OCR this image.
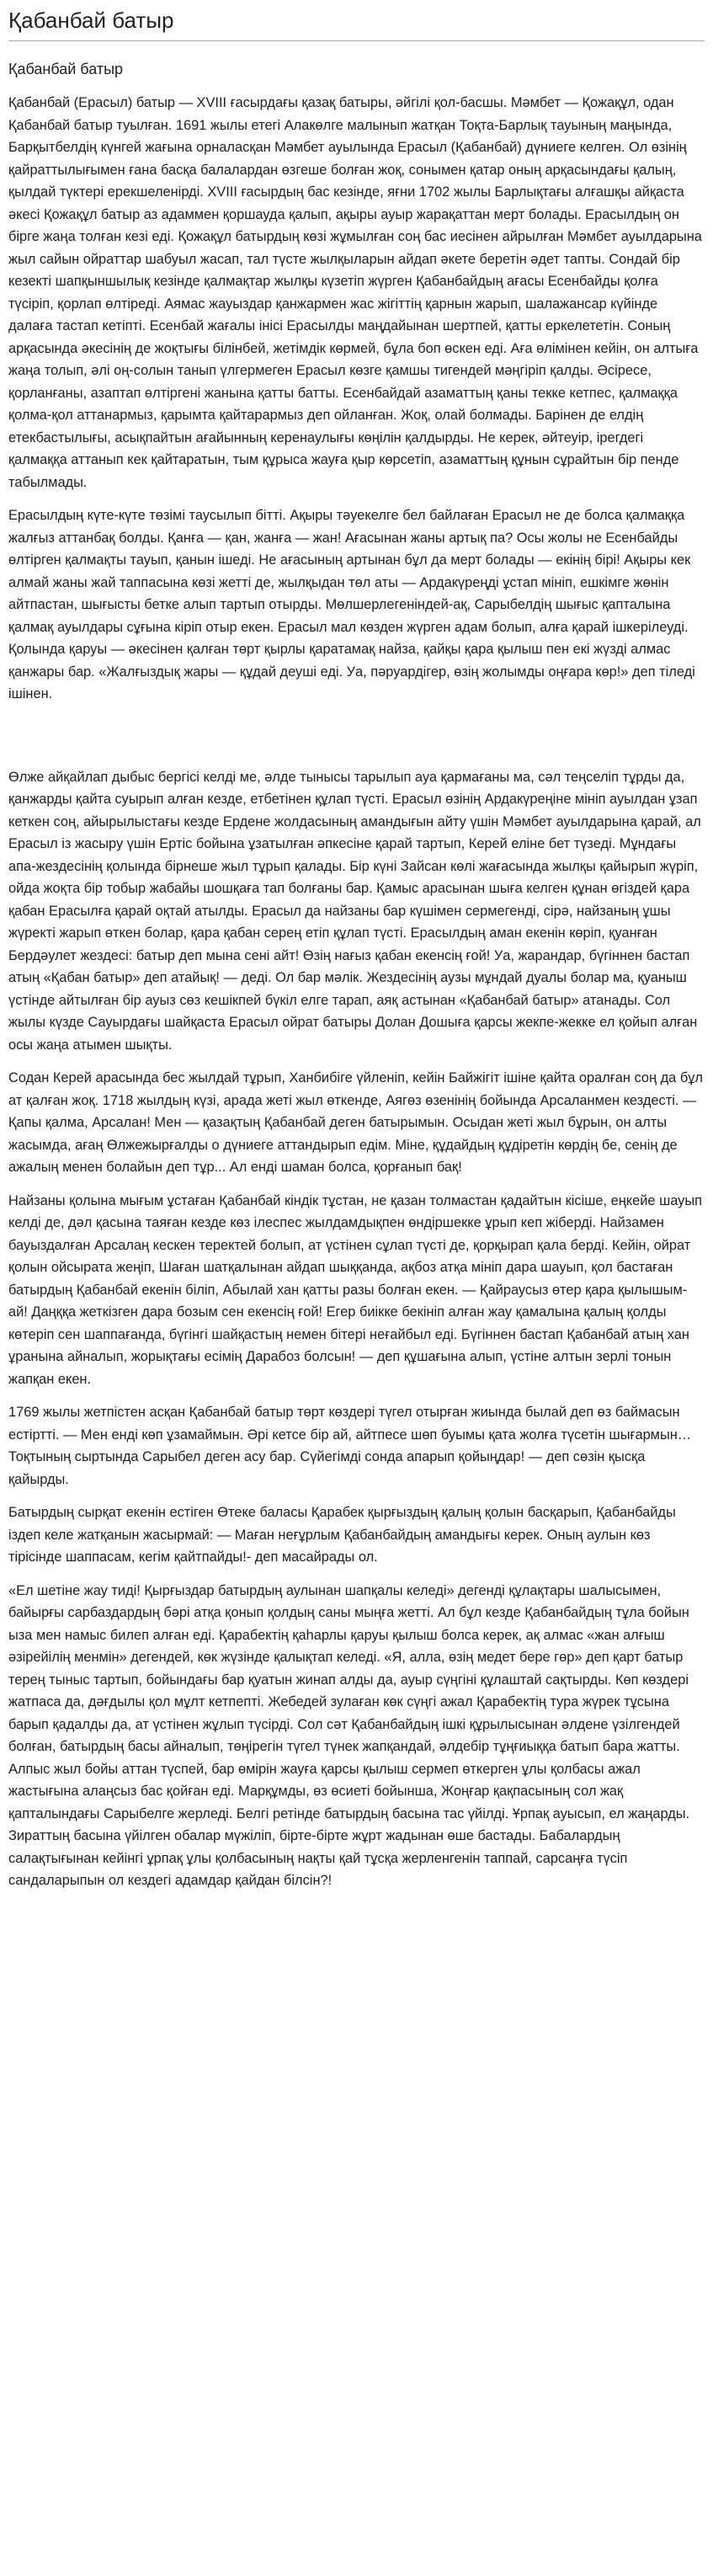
Қабанбай батыр
Қабанбай батыр

Қабанбай (Ерасыл) батыр — XVIII ғасырдағы қазақ батыры, әйгілі қол-басшы. Мәмбет — Қожақұл, одан Қабанбай батыр туылған. 1691 жылы етегі Алакөлге малынып жатқан Тоқта-Барлық тауының маңында, Барқытбелдің күнгей жағына орналасқан Мәмбет ауылында Ерасыл (Қабанбай) дүниеге келген. Ол өзінің қайраттылығымен ғана басқа балалардан өзгеше болған жоқ, сонымен қатар оның арқасындағы қалың, қылдай түктері ерекшеленірді. XVIII ғасырдың бас кезінде, яғни 1702 жылы Барлықтағы алғашқы айқаста әкесі Қожақұл батыр аз адаммен қоршауда қалып, ақыры ауыр жарақаттан мерт болады. Ерасылдың он бірге жаңа толған кезі еді. Қожақұл батырдың көзі жұмылған соң бас иесінен айрылған Мәмбет ауылдарына жыл сайын ойраттар шабуыл жасап, тал түсте жылқыларын айдап әкете беретін әдет тапты. Сондай бір кезекті шапқыншылық кезінде қалмақтар жылқы күзетіп жүрген Қабанбайдың ағасы Есенбайды қолға түсіріп, қорлап өлтіреді. Аямас жауыздар қанжармен жас жігіттің қарнын жарып, шалажансар күйінде далаға тастап кетіпті. Есенбай жағалы інісі Ерасылды маңдайынан шертпей, қатты еркелететін. Соның арқасында әкесінің де жоқтығы білінбей, жетімдік көрмей, бұла боп өскен еді. Аға өлімінен кейін, он алтыға жаңа толып, әлі оң-солын танып үлгермеген Ерасыл көзге қамшы тигендей мәңгіріп қалды. Әсіресе, қорланғаны, азаптап өлтіргені жанына қатты батты. Есенбайдай азаматтың қаны текке кетпес, қалмаққа қолма-қол аттанармыз, қарымта қайтарармыз деп ойланған. Жоқ, олай болмады. Барінен де елдің етекбастылығы, асықпайтын ағайынның керенаулығы көңілін қалдырды. Не керек, әйтеуір, ірегдегі қалмаққа аттанып кек қайтаратын, тым құрыса жауға қыр көрсетіп, азаматтың құнын сұрайтын бір пенде табылмады.

Ерасылдың күте-күте төзімі таусылып бітті. Ақыры тәуекелге бел байлаған Ерасыл не де болса қалмаққа жалғыз аттанбақ болды. Қанға — қан, жанға — жан! Ағасынан жаны артық па? Осы жолы не Есенбайды өлтірген қалмақты тауып, қанын ішеді. Не ағасының артынан бұл да мерт болады — екінің бірі! Ақыры кек алмай жаны жай таппасына көзі жетті де, жылқыдан төл аты — Ардакүреңді ұстап мініп, ешкімге жөнін айтпастан, шығысты бетке алып тартып отырды. Мөлшерлегеніндей-ақ, Сарыбелдің шығыс қапталына қалмақ ауылдары сұғына кіріп отыр екен. Ерасыл мал көзден жүрген адам болып, алға қарай ішкерілеуді. Қолында қаруы — әкесінен қалған төрт қырлы қаратамақ найза, қайқы қара қылыш пен екі жүзді алмас қанжары бар. «Жалғыздық жары — құдай деуші еді. Уа, пәруардігер, өзің жолымды оңғара көр!» деп тіледі ішінен.

Өлже айқайлап дыбыс бергісі келді ме, әлде тынысы тарылып ауа қармағаны ма, сәл теңселіп тұрды да, қанжарды қайта суырып алған кезде, етбетінен құлап түсті. Ерасыл өзінің Ардакүреңіне мініп ауылдан ұзап кеткен соң, айырылыстағы кезде Ердене жолдасының амандығын айту үшін Мәмбет ауылдарына қарай, ал Ерасыл із жасыру үшін Ертіс бойына ұзатылған әпкесіне қарай тартып, Керей еліне бет түзеді. Мұндағы апа-жездесінің қолында бірнеше жыл тұрып қалады. Бір күні Зайсан көлі жағасында жылқы қайырып жүріп, ойда жоқта бір тобыр жабайы шошқаға тап болғаны бар. Қамыс арасынан шыға келген құнан өгіздей қара қабан Ерасылға қарай оқтай атылды. Ерасыл да найзаны бар күшімен сермегенді, сірә, найзаның ұшы жүректі жарып өткен болар, қара қабан серең етіп құлап түсті. Ерасылдың аман екенін көріп, қуанған Бердәулет жездесі: батыр деп мына сені айт! Өзің нағыз қабан екенсің ғой! Уа, жарандар, бүгіннен бастап атың «Қабан батыр» деп атайық! — деді. Ол бар мәлік. Жездесінің аузы мұндай дуалы болар ма, қуаныш үстінде айтылған бір ауыз сөз кешікпей бүкіл елге тарап, аяқ астынан «Қабанбай батыр» атанады. Сол жылы күзде Сауырдағы шайқаста Ерасыл ойрат батыры Долан Дошыға қарсы жекпе-жекке ел қойып алған осы жаңа атымен шықты.

Содан Керей арасында бес жылдай тұрып, Ханбибіге үйленіп, кейін Байжігіт ішіне қайта оралған соң да бұл ат қалған жоқ. 1718 жылдың күзі, арада жеті жыл өткенде, Аягөз өзенінің бойында Арсаланмен кездесті. — Қапы қалма, Арсалан! Мен — қазақтың Қабанбай деген батырымын. Осыдан жеті жыл бұрын, он алты жасымда, ағаң Өлжежырғалды о дүниеге аттандырып едім. Міне, құдайдың құдіретін көрдің бе, сенің де ажалың менен болайын деп тұр... Ал енді шаман болса, қорғанып бақ!

Найзаны қолына мығым ұстаған Қабанбай кіндік тұстан, не қазан толмастан қадайтын кісіше, еңкейе шауып келді де, дәл қасына таяған кезде көз ілеспес жылдамдықпен өндіршекке ұрып кеп жіберді. Найзамен бауыздалған Арсалаң кескен теректей болып, ат үстінен сұлап түсті де, қорқырап қала берді. Кейін, ойрат қолын ойсырата жеңіп, Шаған шатқалынан айдап шыққанда, ақбоз атқа мініп дара шауып, қол бастаған батырдың Қабанбай екенін біліп, Абылай хан қатты разы болған екен. — Қайраусыз өтер қара қылышым-ай! Даңққа жеткізген дара бозым сен екенсің ғой! Егер биікке бекініп алған жау қамалына қалың қолды көтеріп сен шаппағанда, бүгінгі шайқастың немен бітері неғайбыл еді. Бүгіннен бастап Қабанбай атың хан ұранына айналып, жорықтағы есімің Дарабоз болсын! — деп құшағына алып, үстіне алтын зерлі тонын жапқан екен.

1769 жылы жетпістен асқан Қабанбай батыр төрт көздері түгел отырған жиында былай деп өз баймасын естіртті. — Мен енді көп ұзамаймын. Әрі кетсе бір ай, айтпесе шөп буымы қата жолға түсетін шығармын… Тоқтының сыртында Сарыбел деген асу бар. Сүйегімді сонда апарып қойыңдар! — деп сөзін қысқа қайырды.

Батырдың сырқат екенін естіген Өтеке баласы Қарабек қырғыздың қалың қолын басқарып, Қабанбайды іздеп келе жатқанын жасырмай: — Маған неғұрлым Қабанбайдың амандығы керек. Оның аулын көз тірісінде шаппасам, кегім қайтпайды!- деп масайрады ол.

«Ел шетіне жау тиді! Қырғыздар батырдың аулынан шапқалы келеді» дегенді құлақтары шалысымен, байырғы сарбаздардың бәрі атқа қонып қолдың саны мыңға жетті. Ал бұл кезде Қабанбайдың тұла бойын ыза мен намыс билеп алған еді. Қарабектің қаһарлы қаруы қылыш болса керек, ақ алмас «жан алғыш әзірейілің менмін» дегендей, көк жүзінде қалықтап келеді. «Я, алла, өзің медет бере гөр» деп қарт батыр терең тыныс тартып, бойындағы бар қуатын жинап алды да, ауыр сүңгіні құлаштай сақтырды. Көп көздері жатпаса да, дәғдылы қол мұлт кетпепті. Жебедей зулаған көк сүңгі ажал Қарабектің тура жүрек тұсына барып қадалды да, ат үстінен жұлып түсірді. Сол сәт Қабанбайдың ішкі құрылысынан әлдене үзілгендей болған, батырдың басы айналып, төңірегін түгел түнек жапқандай, әлдебір тұңғиыққа батып бара жатты. Алпыс жыл бойы аттан түспей, бар өмірін жауға қарсы қылыш сермеп өткерген ұлы қолбасы ажал жастығына алаңсыз бас қойған еді. Марқұмды, өз өсиеті бойынша, Жоңғар қақпасының сол жақ қапталындағы Сарыбелге жерледі. Белгі ретінде батырдың басына тас үйілді. Ұрпақ ауысып, ел жаңарды. Зираттың басына үйілген обалар мүжіліп, бірте-бірте жұрт жадынан өше бастады. Бабалардың салақтығынан кейінгі ұрпақ ұлы қолбасының нақты қай тұсқа жерленгенін таппай, сарсаңға түсіп сандаларыпын ол кездегі адамдар қайдан білсін?!
